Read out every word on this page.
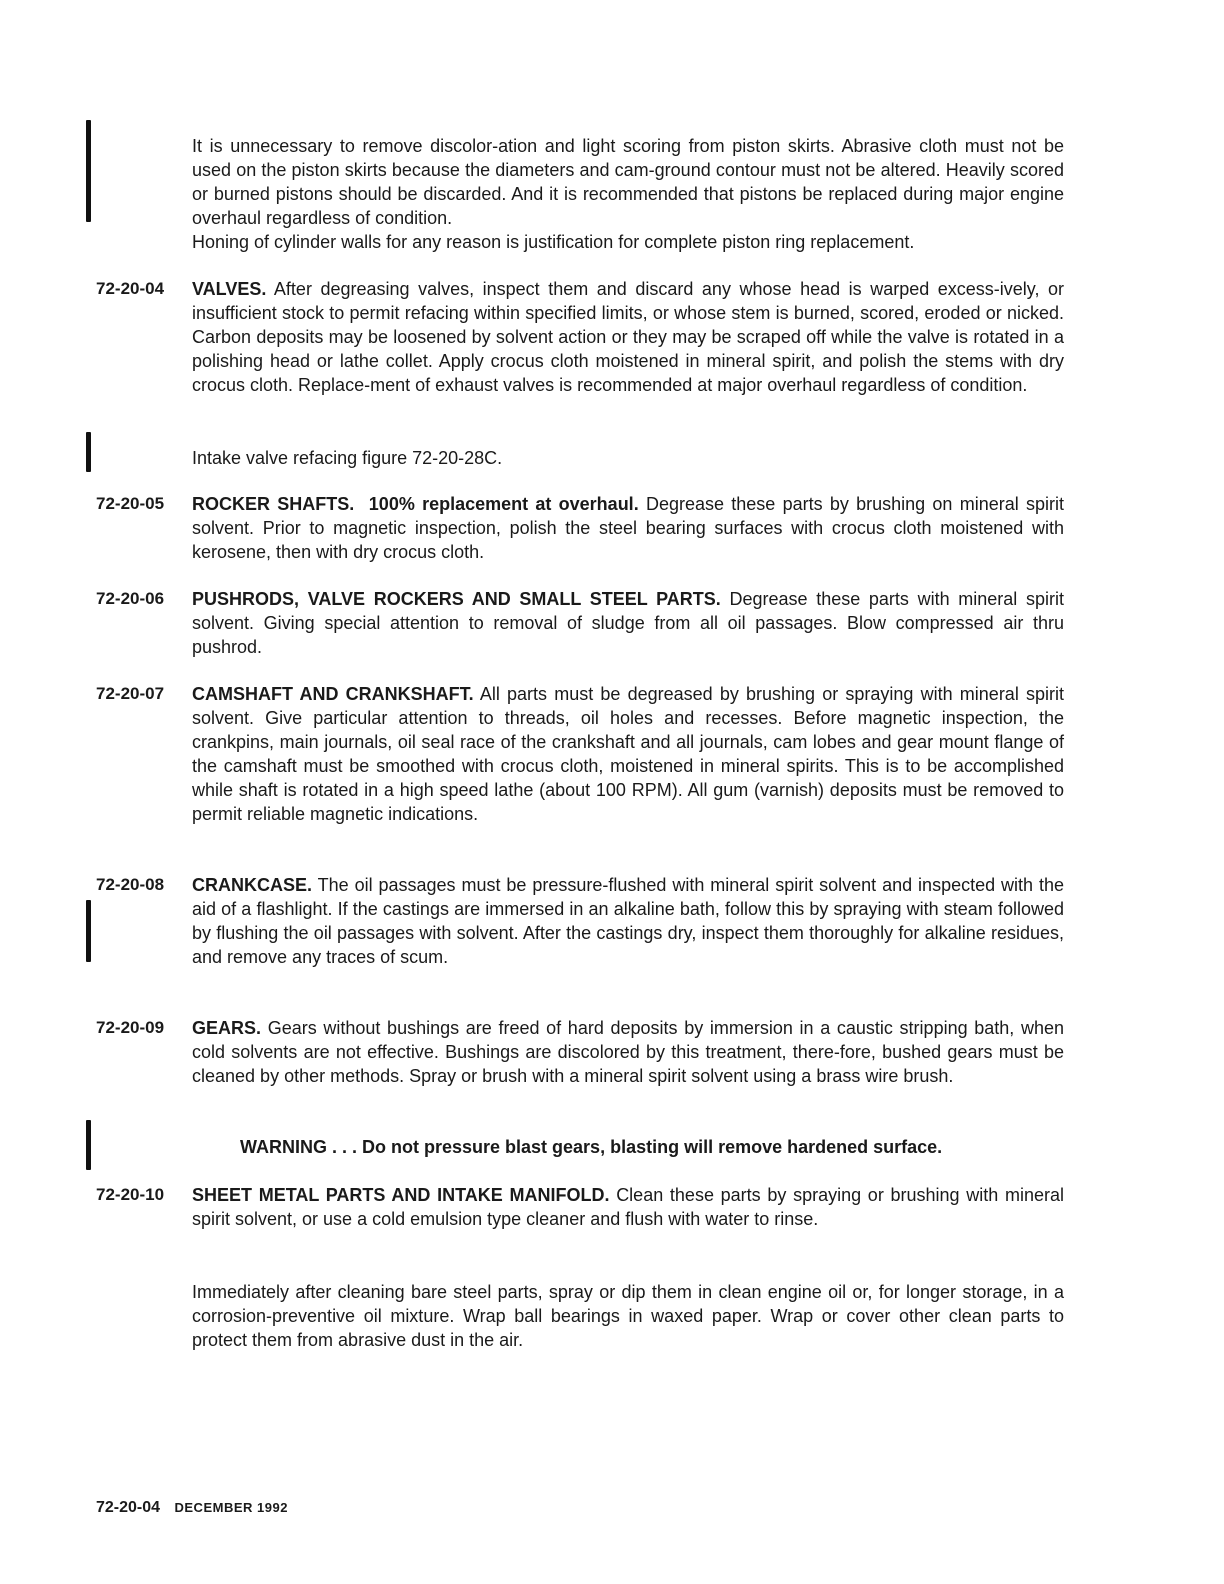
It is unnecessary to remove discolor-ation and light scoring from piston skirts. Abrasive cloth must not be used on the piston skirts because the diameters and cam-ground contour must not be altered. Heavily scored or burned pistons should be discarded. And it is recommended that pistons be replaced during major engine overhaul regardless of condition.
Honing of cylinder walls for any reason is justification for complete piston ring replacement.

72-20-04	VALVES. After degreasing valves, inspect them and discard any whose head is warped excess-ively, or insufficient stock to permit refacing within specified limits, or whose stem is burned, scored, eroded or nicked. Carbon deposits may be loosened by solvent action or they may be scraped off while the valve is rotated in a polishing head or lathe collet. Apply crocus cloth moistened in mineral spirit, and polish the stems with dry crocus cloth. Replace-ment of exhaust valves is recommended at major overhaul regardless of condition.

Intake valve refacing figure 72-20-28C.

72-20-05	ROCKER SHAFTS. 100% replacement at overhaul. Degrease these parts by brushing on mineral spirit solvent. Prior to magnetic inspection, polish the steel bearing surfaces with crocus cloth moistened with kerosene, then with dry crocus cloth.

72-20-06	PUSHRODS, VALVE ROCKERS AND SMALL STEEL PARTS. Degrease these parts with mineral spirit solvent. Giving special attention to removal of sludge from all oil passages. Blow compressed air thru pushrod.

72-20-07	CAMSHAFT AND CRANKSHAFT. All parts must be degreased by brushing or spraying with mineral spirit solvent. Give particular attention to threads, oil holes and recesses. Before magnetic inspection, the crankpins, main journals, oil seal race of the crankshaft and all journals, cam lobes and gear mount flange of the camshaft must be smoothed with crocus cloth, moistened in mineral spirits. This is to be accomplished while shaft is rotated in a high speed lathe (about 100 RPM). All gum (varnish) deposits must be removed to permit reliable magnetic indications.

72-20-08	CRANKCASE. The oil passages must be pressure-flushed with mineral spirit solvent and inspected with the aid of a flashlight. If the castings are immersed in an alkaline bath, follow this by spraying with steam followed by flushing the oil passages with solvent. After the castings dry, inspect them thoroughly for alkaline residues, and remove any traces of scum.

72-20-09	GEARS. Gears without bushings are freed of hard deposits by immersion in a caustic stripping bath, when cold solvents are not effective. Bushings are discolored by this treatment, there-fore, bushed gears must be cleaned by other methods. Spray or brush with a mineral spirit solvent using a brass wire brush.

WARNING . . . Do not pressure blast gears, blasting will remove hardened surface.
72-20-10	SHEET METAL PARTS AND INTAKE MANIFOLD. Clean these parts by spraying or brushing with mineral spirit solvent, or use a cold emulsion type cleaner and flush with water to rinse.

Immediately after cleaning bare steel parts, spray or dip them in clean engine oil or, for longer storage, in a corrosion-preventive oil mixture. Wrap ball bearings in waxed paper. Wrap or cover other clean parts to protect them from abrasive dust in the air.

72-20-04 DECEMBER 1992
